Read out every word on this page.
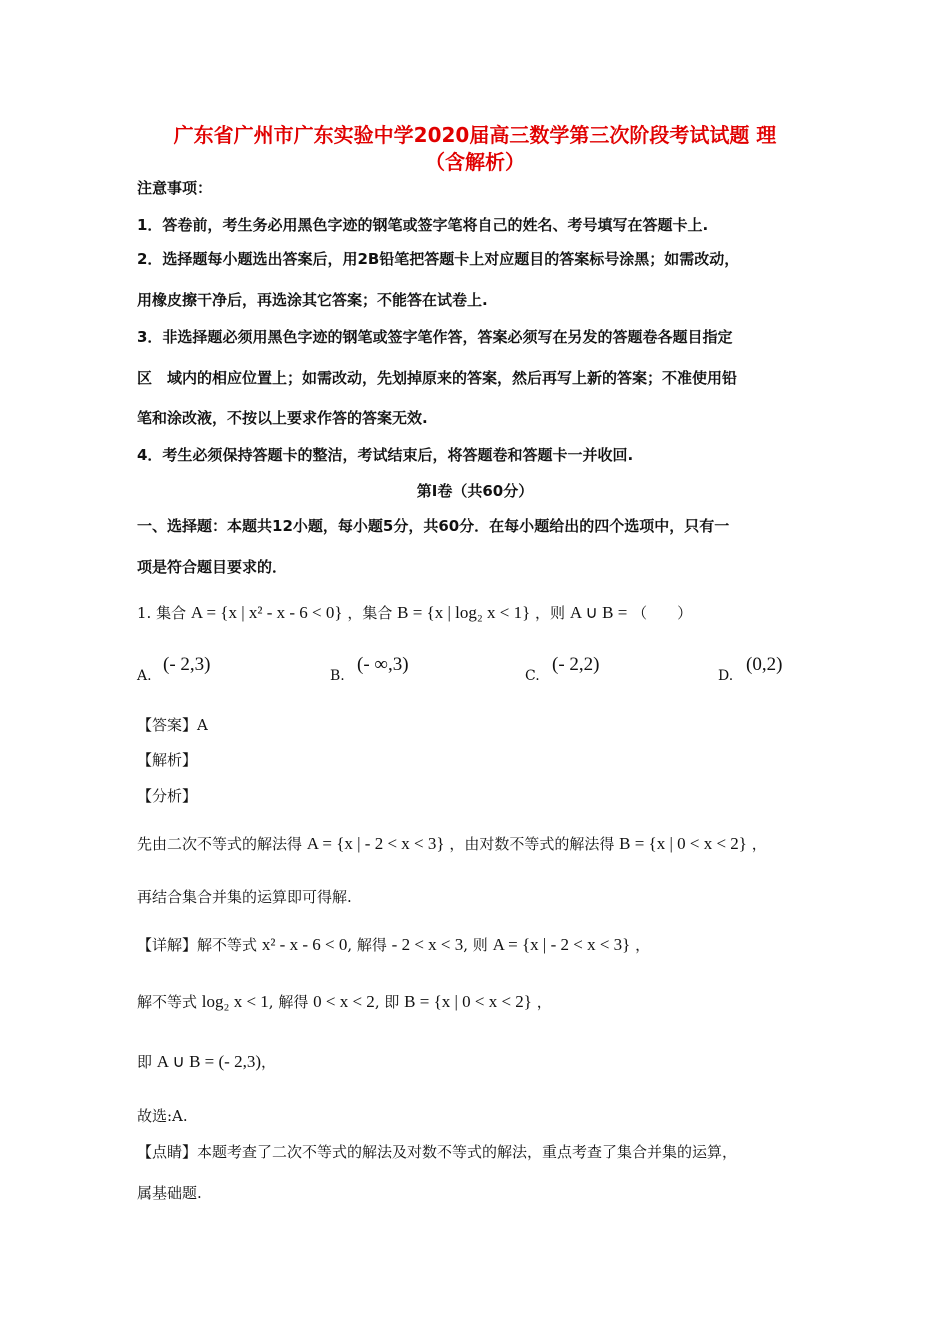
广东省广州市广东实验中学2020届高三数学第三次阶段考试试题 理
（含解析）
注意事项：
1．答卷前，考生务必用黑色字迹的钢笔或签字笔将自己的姓名、考号填写在答题卡上.
2．选择题每小题选出答案后，用2B铅笔把答题卡上对应题目的答案标号涂黑；如需改动，
用橡皮擦干净后，再选涂其它答案；不能答在试卷上.
3．非选择题必须用黑色字迹的钢笔或签字笔作答，答案必须写在另发的答题卷各题目指定
区　域内的相应位置上；如需改动，先划掉原来的答案，然后再写上新的答案；不准使用铅
笔和涂改液，不按以上要求作答的答案无效.
4．考生必须保持答题卡的整洁，考试结束后，将答题卷和答题卡一并收回.
第Ⅰ卷（共60分）
一、选择题：本题共12小题，每小题5分，共60分．在每小题给出的四个选项中，只有一
项是符合题目要求的．
1. 集合 A = {x | x² - x - 6 < 0} ，集合 B = {x | log₂ x < 1} ，则 A ∪ B = （　　）
A.
(- 2,3)
B.
(- ∞,3)
C.
(- 2,2)
D.
(0,2)
【答案】A
【解析】
【分析】
先由二次不等式的解法得 A = {x | - 2 < x < 3} ，由对数不等式的解法得 B = {x | 0 < x < 2} ，
再结合集合并集的运算即可得解.
【详解】解不等式 x² - x - 6 < 0, 解得 - 2 < x < 3, 则 A = {x | - 2 < x < 3} ，
解不等式 log₂ x < 1, 解得 0 < x < 2, 即 B = {x | 0 < x < 2} ，
即 A ∪ B = (- 2,3)，
故选:A.
【点睛】本题考查了二次不等式的解法及对数不等式的解法，重点考查了集合并集的运算，
属基础题.
